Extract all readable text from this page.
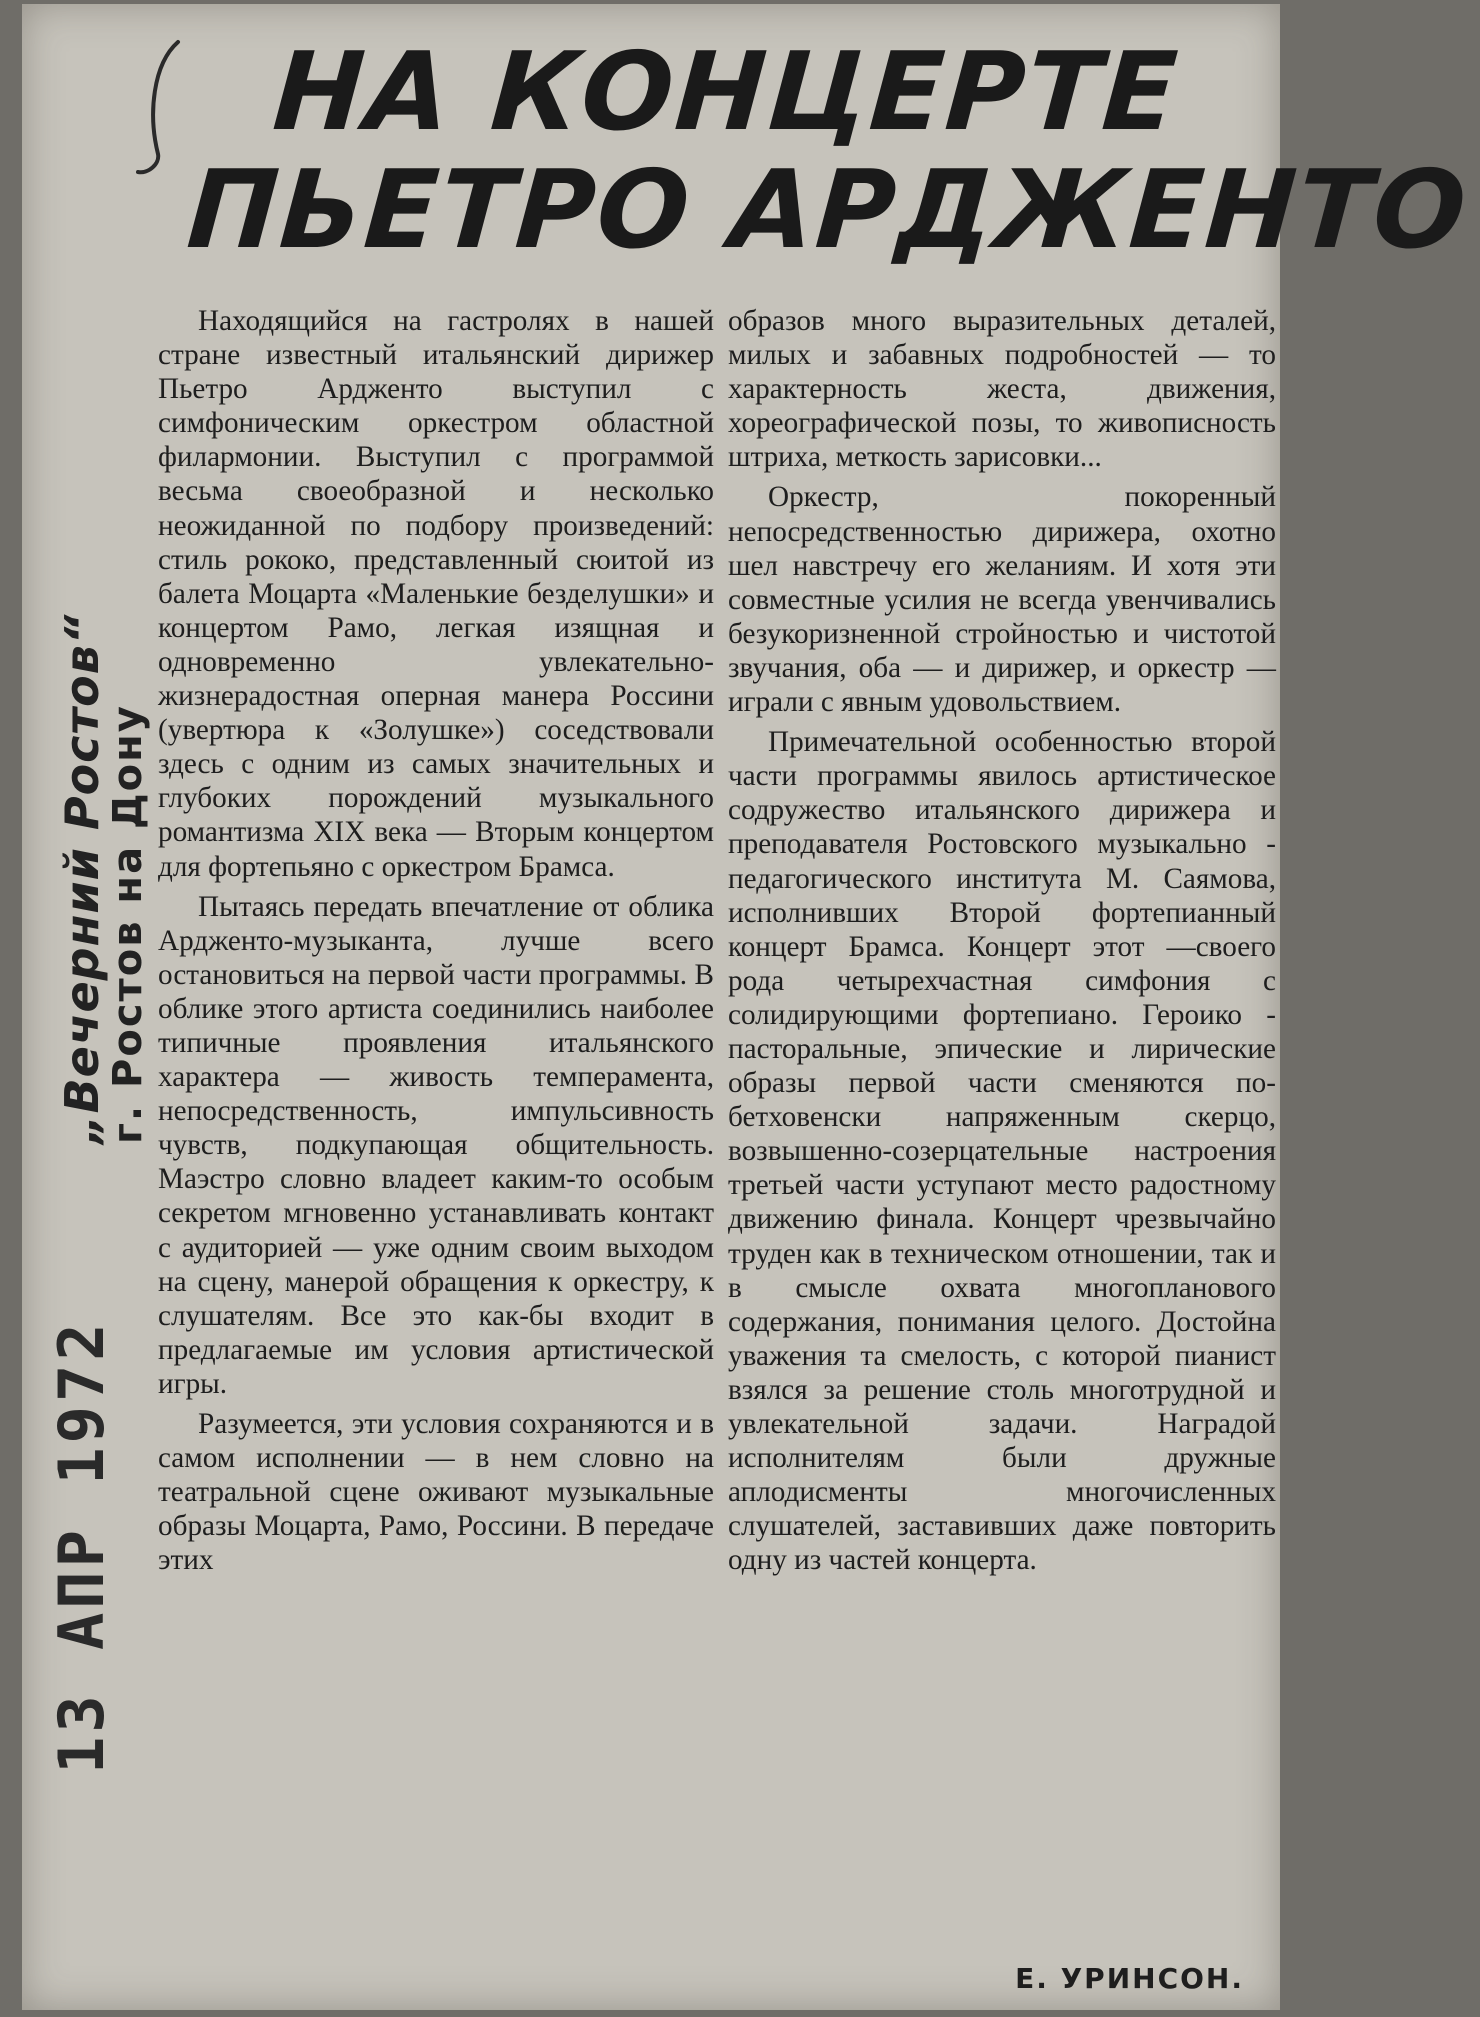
НА КОНЦЕРТЕ
ПЬЕТРО АРДЖЕНТО
„Вечерний Ростов“
г. Ростов на Дону
13 АПР 1972

Находящийся на гастролях в нашей стране известный итальянский дирижер Пьетро Ардженто выступил с симфоническим оркестром областной филармонии. Выступил с программой весьма своеобразной и несколько неожиданной по подбору произведений: стиль рококо, представленный сюитой из балета Моцарта «Маленькие безделушки» и концертом Рамо, легкая изящная и одновременно увлекательно-жизнерадостная оперная манера Россини (увертюра к «Золушке») соседствовали здесь с одним из самых значительных и глубоких порождений музыкального романтизма XIX века — Вторым концертом для фортепьяно с оркестром Брамса.

Пытаясь передать впечатление от облика Ардженто-музыканта, лучше всего остановиться на первой части программы. В облике этого артиста соединились наиболее типичные проявления итальянского характера — живость темперамента, непосредственность, импульсивность чувств, подкупающая общительность. Маэстро словно владеет каким-то особым секретом мгновенно устанавливать контакт с аудиторией — уже одним своим выходом на сцену, манерой обращения к оркестру, к слушателям. Все это как-бы входит в предлагаемые им условия артистической игры.

Разумеется, эти условия сохраняются и в самом исполнении — в нем словно на театральной сцене оживают музыкальные образы Моцарта, Рамо, Россини. В передаче этих

образов много выразительных деталей, милых и забавных подробностей — то характерность жеста, движения, хореографической позы, то живописность штриха, меткость зарисовки...

Оркестр, покоренный непосредственностью дирижера, охотно шел навстречу его желаниям. И хотя эти совместные усилия не всегда увенчивались безукоризненной стройностью и чистотой звучания, оба — и дирижер, и оркестр — играли с явным удовольствием.

Примечательной особенностью второй части программы явилось артистическое содружество итальянского дирижера и преподавателя Ростовского музыкально - педагогического института М. Саямова, исполнивших Второй фортепианный концерт Брамса. Концерт этот —своего рода четырехчастная симфония с солидирующими фортепиано. Героико - пасторальные, эпические и лирические образы первой части сменяются по-бетховенски напряженным скерцо, возвышенно-созерцательные настроения третьей части уступают место радостному движению финала. Концерт чрезвычайно труден как в техническом отношении, так и в смысле охвата многопланового содержания, понимания целого. Достойна уважения та смелость, с которой пианист взялся за решение столь многотрудной и увлекательной задачи. Наградой исполнителям были дружные аплодисменты многочисленных слушателей, заставивших даже повторить одну из частей концерта.

Е. УРИНСОН.
